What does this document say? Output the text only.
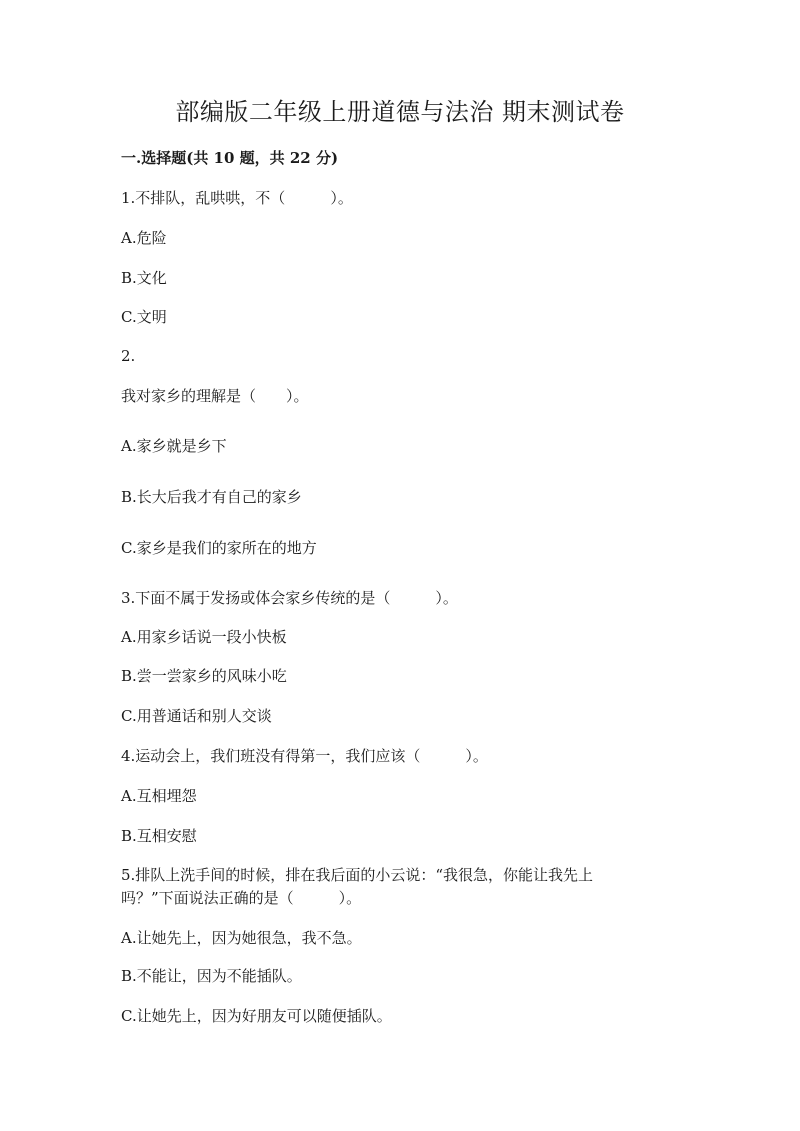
部编版二年级上册道德与法治 期末测试卷
一.选择题(共 10 题，共 22 分)
1.不排队，乱哄哄，不（　　　）。
A.危险
B.文化
C.文明
2.
我对家乡的理解是（　　）。
A.家乡就是乡下
B.长大后我才有自己的家乡
C.家乡是我们的家所在的地方
3.下面不属于发扬或体会家乡传统的是（　　　）。
A.用家乡话说一段小快板
B.尝一尝家乡的风味小吃
C.用普通话和别人交谈
4.运动会上，我们班没有得第一，我们应该（　　　）。
A.互相埋怨
B.互相安慰
5.排队上洗手间的时候，排在我后面的小云说：“我很急，你能让我先上
吗？”下面说法正确的是（　　　）。
A.让她先上，因为她很急，我不急。
B.不能让，因为不能插队。
C.让她先上，因为好朋友可以随便插队。
